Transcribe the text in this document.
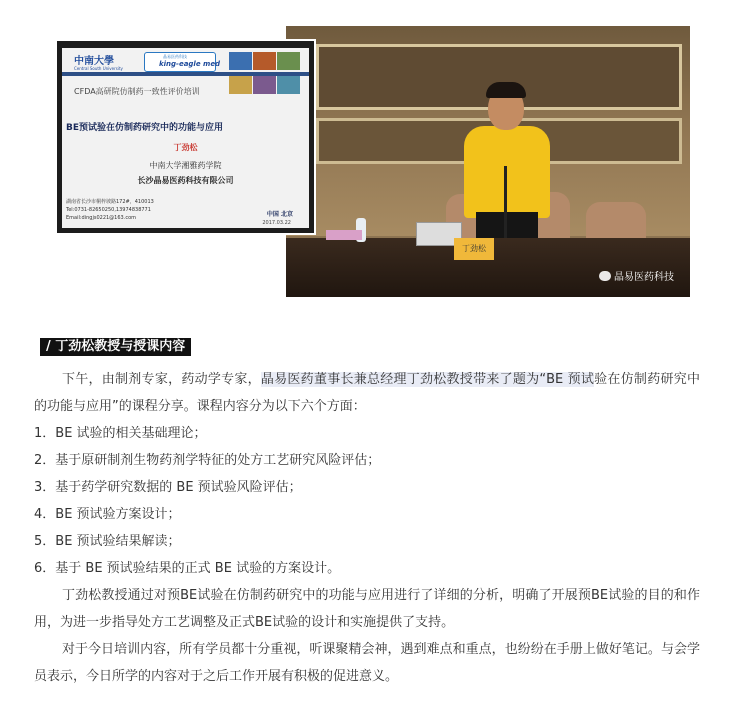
丁劲松
晶易医药科技
中南大學
Central South University
晶易医药科技
king-eagle med
CFDA高研院仿制药一致性评价培训
BE预试验在仿制药研究中的功能与应用
丁劲松
中南大学湘雅药学院
长沙晶易医药科技有限公司
湖南省长沙市桐梓坡路172#，410013
Tel:0731-82650250,13974838771
Email:dingjs0221@163.com	中国 北京
2017.03.22
/ 丁劲松教授与授课内容

下午，由制剂专家，药动学专家，晶易医药董事长兼总经理丁劲松教授带来了题为“BE 预试验在仿制药研究中的功能与应用”的课程分享。课程内容分为以下六个方面：

1．BE 试验的相关基础理论；

2．基于原研制剂生物药剂学特征的处方工艺研究风险评估；

3．基于药学研究数据的 BE 预试验风险评估；

4．BE 预试验方案设计；

5．BE 预试验结果解读；

6．基于 BE 预试验结果的正式 BE 试验的方案设计。

丁劲松教授通过对预BE试验在仿制药研究中的功能与应用进行了详细的分析，明确了开展预BE试验的目的和作用，为进一步指导处方工艺调整及正式BE试验的设计和实施提供了支持。

对于今日培训内容，所有学员都十分重视，听课聚精会神，遇到难点和重点，也纷纷在手册上做好笔记。与会学员表示，今日所学的内容对于之后工作开展有积极的促进意义。
